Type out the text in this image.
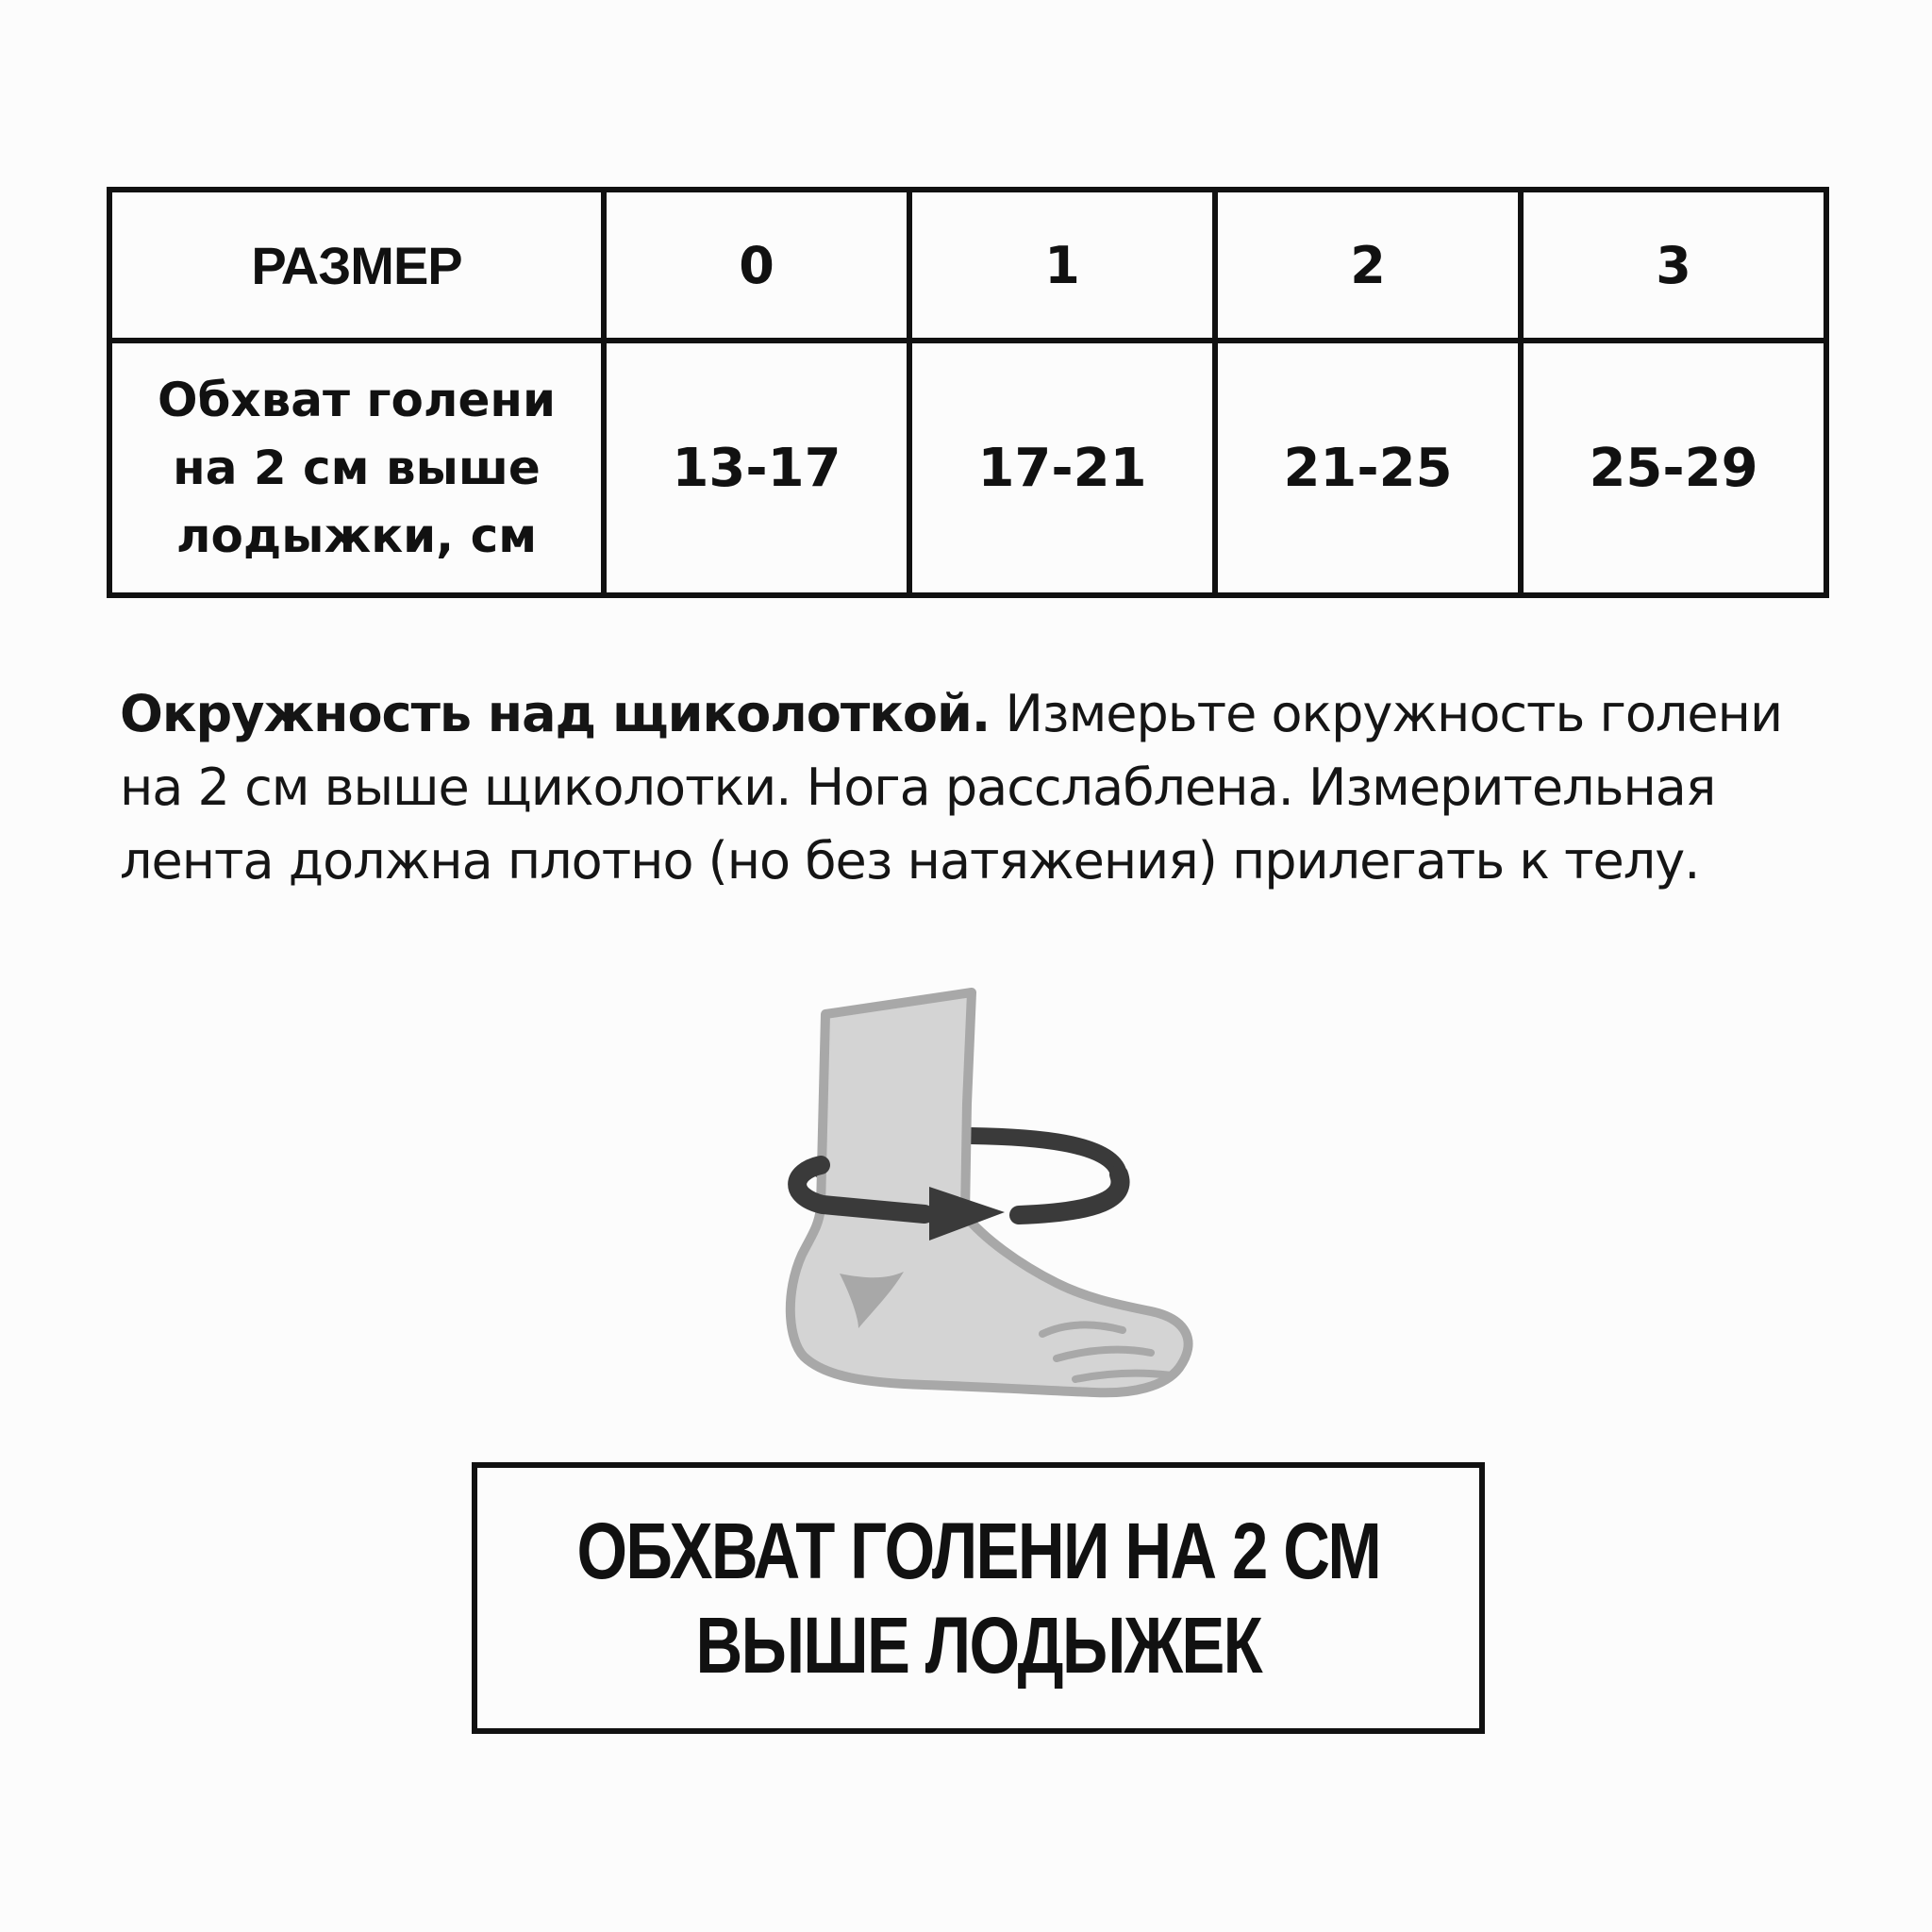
РАЗМЕР	0	1	2	3
Обхват голени
на 2 см выше
лодыжки, см	13-17	17-21	21-25	25-29

Окружность над щиколоткой. Измерьте окружность голени на 2 см выше щиколотки. Нога расслаблена. Измерительная лента должна плотно (но без натяжения) прилегать к телу.

ОБХВАТ ГОЛЕНИ НА 2 СМ
ВЫШЕ ЛОДЫЖЕК
